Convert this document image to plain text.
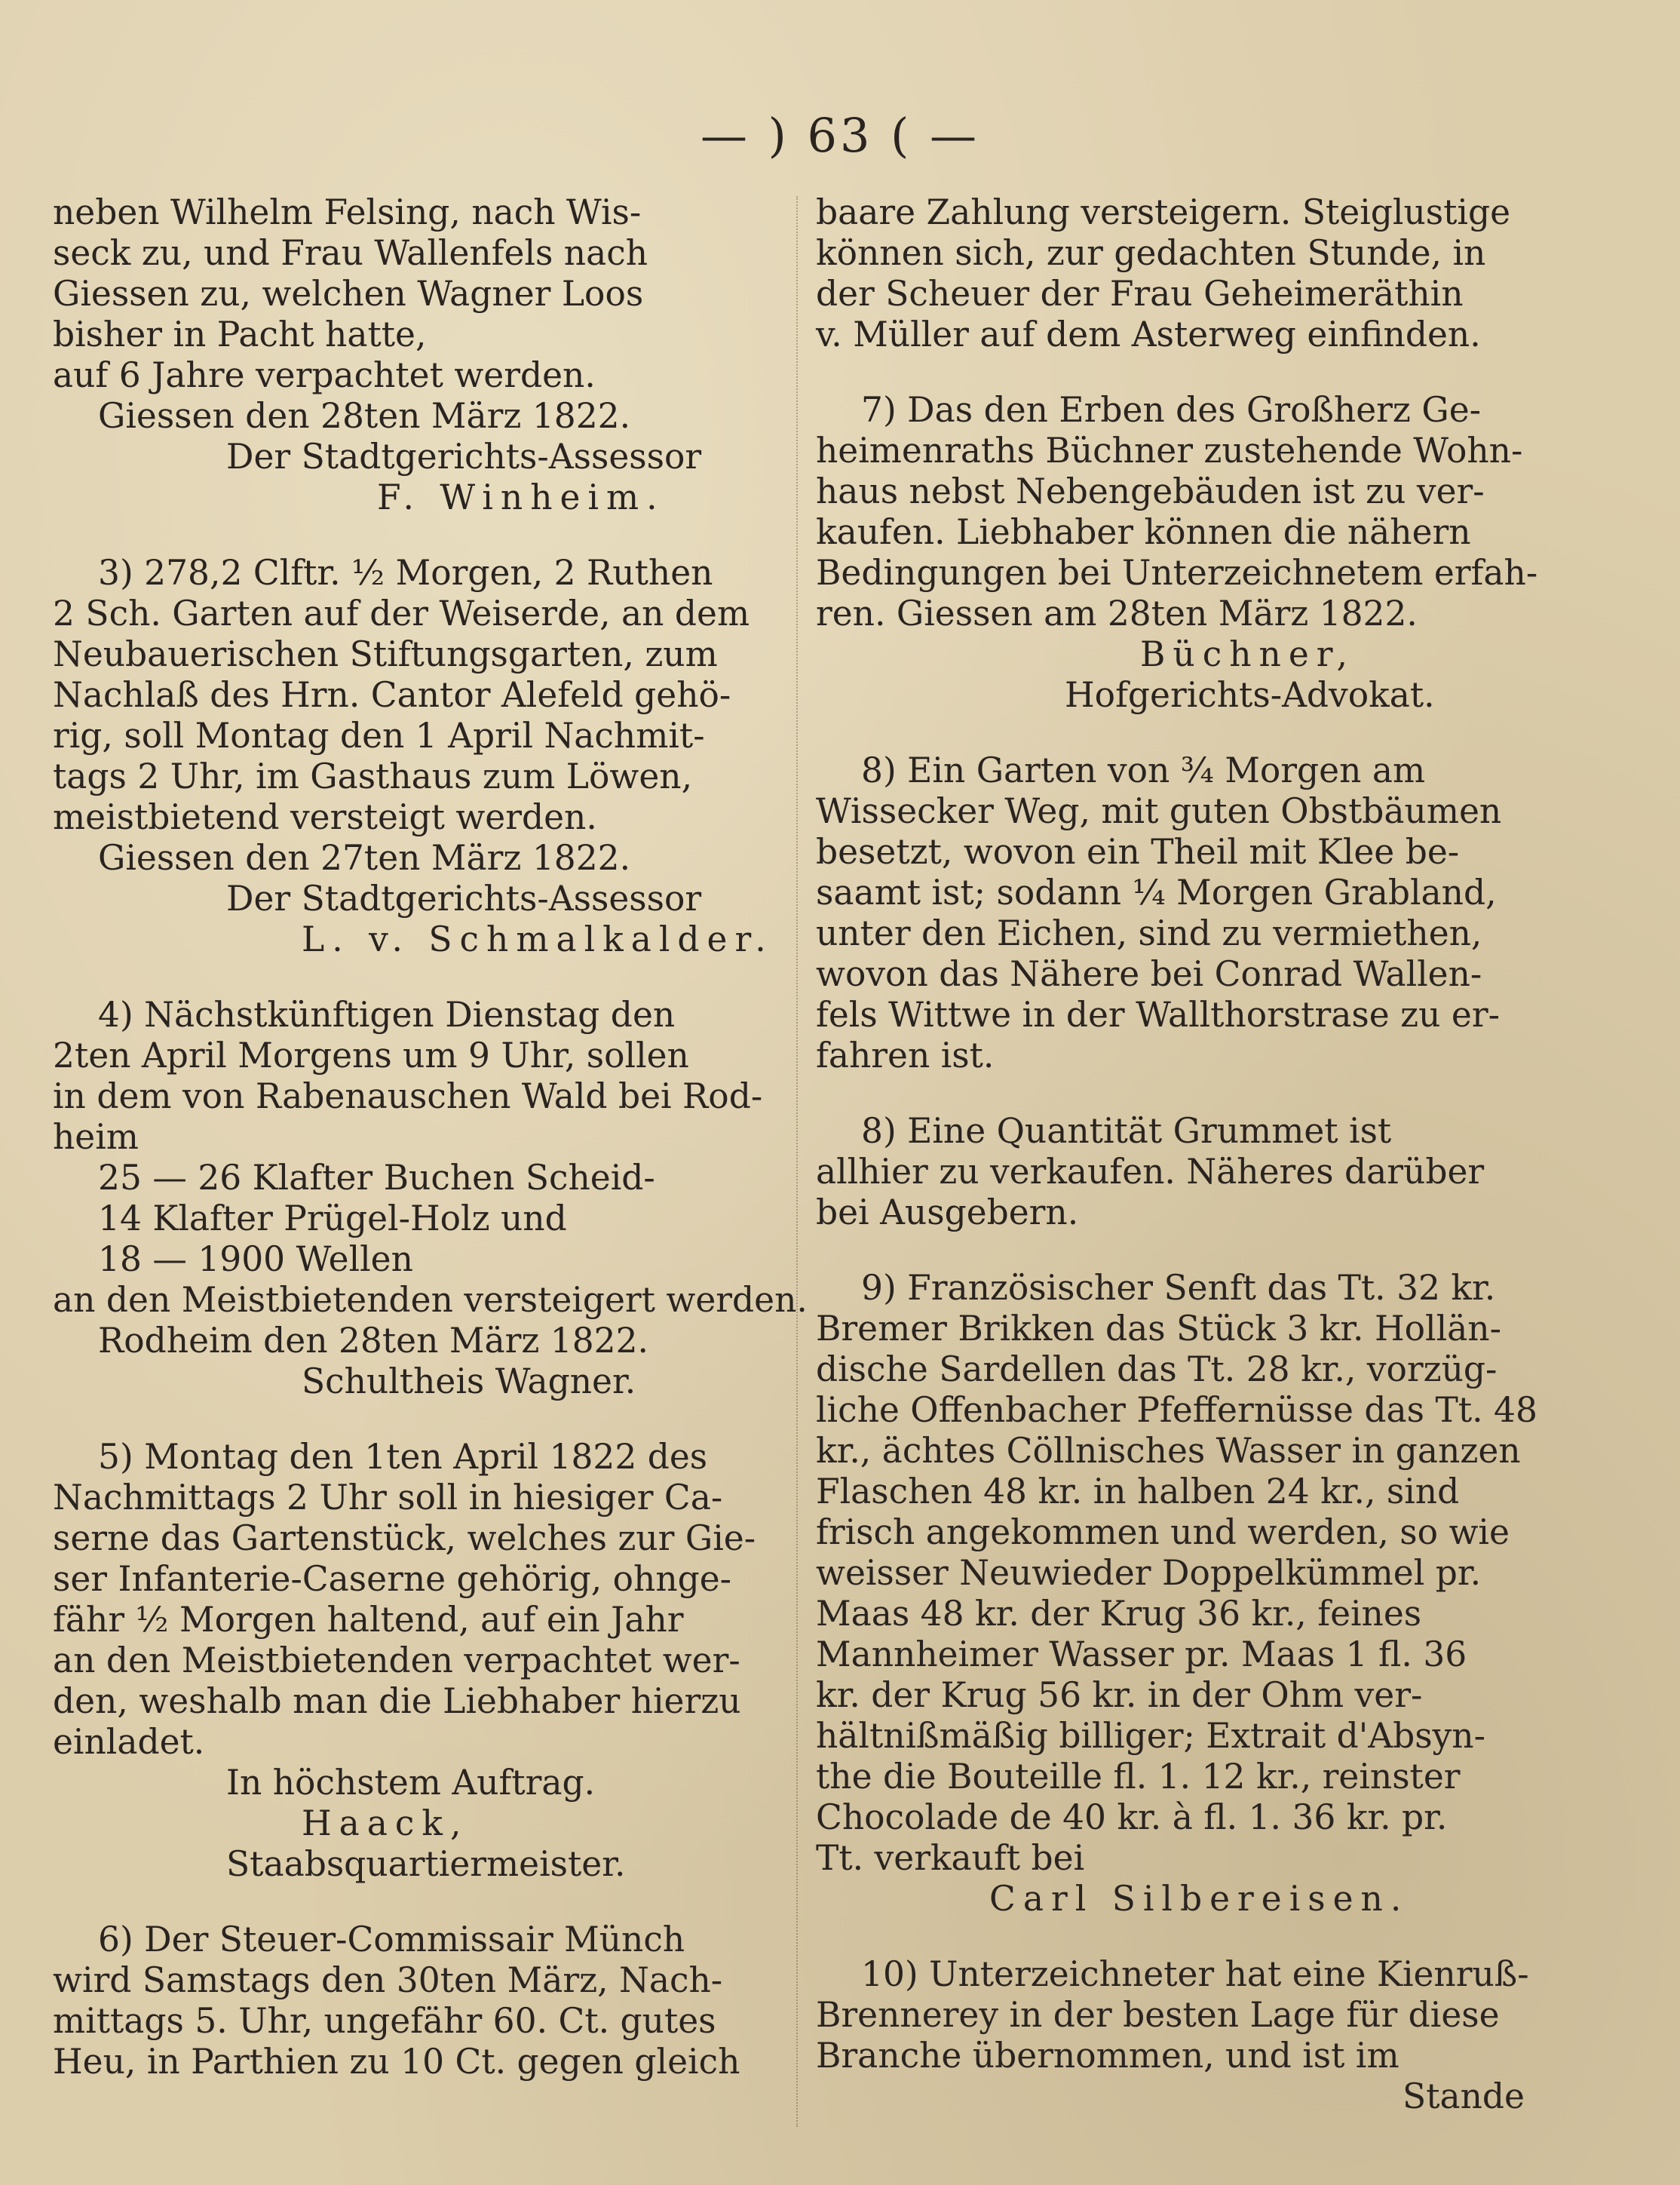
— ) 63 ( —
neben Wilhelm Felsing, nach Wis-
seck zu, und Frau Wallenfels nach
Giessen zu, welchen Wagner Loos
bisher in Pacht hatte,
auf 6 Jahre verpachtet werden.
Giessen den 28ten März 1822.
Der Stadtgerichts-Assessor
F. Winheim.
3) 278,2 Clftr. ½ Morgen, 2 Ruthen
2 Sch. Garten auf der Weiserde, an dem
Neubauerischen Stiftungsgarten, zum
Nachlaß des Hrn. Cantor Alefeld gehö-
rig, soll Montag den 1 April Nachmit-
tags 2 Uhr, im Gasthaus zum Löwen,
meistbietend versteigt werden.
Giessen den 27ten März 1822.
Der Stadtgerichts-Assessor
L. v. Schmalkalder.
4) Nächstkünftigen Dienstag den
2ten April Morgens um 9 Uhr, sollen
in dem von Rabenauschen Wald bei Rod-
heim
25 — 26 Klafter Buchen Scheid-
14 Klafter Prügel-Holz und
18 — 1900 Wellen
an den Meistbietenden versteigert werden.
Rodheim den 28ten März 1822.
Schultheis Wagner.
5) Montag den 1ten April 1822 des
Nachmittags 2 Uhr soll in hiesiger Ca-
serne das Gartenstück, welches zur Gie-
ser Infanterie-Caserne gehörig, ohnge-
fähr ½ Morgen haltend, auf ein Jahr
an den Meistbietenden verpachtet wer-
den, weshalb man die Liebhaber hierzu
einladet.
In höchstem Auftrag.
Haack,
Staabsquartiermeister.
6) Der Steuer-Commissair Münch
wird Samstags den 30ten März, Nach-
mittags 5. Uhr, ungefähr 60. Ct. gutes
Heu, in Parthien zu 10 Ct. gegen gleich
baare Zahlung versteigern. Steiglustige
können sich, zur gedachten Stunde, in
der Scheuer der Frau Geheimeräthin
v. Müller auf dem Asterweg einfinden.
7) Das den Erben des Großherz Ge-
heimenraths Büchner zustehende Wohn-
haus nebst Nebengebäuden ist zu ver-
kaufen. Liebhaber können die nähern
Bedingungen bei Unterzeichnetem erfah-
ren. Giessen am 28ten März 1822.
Büchner,
Hofgerichts-Advokat.
8) Ein Garten von ¾ Morgen am
Wissecker Weg, mit guten Obstbäumen
besetzt, wovon ein Theil mit Klee be-
saamt ist; sodann ¼ Morgen Grabland,
unter den Eichen, sind zu vermiethen,
wovon das Nähere bei Conrad Wallen-
fels Wittwe in der Wallthorstrase zu er-
fahren ist.
8) Eine Quantität Grummet ist
allhier zu verkaufen. Näheres darüber
bei Ausgebern.
9) Französischer Senft das Tt. 32 kr.
Bremer Brikken das Stück 3 kr. Hollän-
dische Sardellen das Tt. 28 kr., vorzüg-
liche Offenbacher Pfeffernüsse das Tt. 48
kr., ächtes Cöllnisches Wasser in ganzen
Flaschen 48 kr. in halben 24 kr., sind
frisch angekommen und werden, so wie
weisser Neuwieder Doppelkümmel pr.
Maas 48 kr. der Krug 36 kr., feines
Mannheimer Wasser pr. Maas 1 fl. 36
kr. der Krug 56 kr. in der Ohm ver-
hältnißmäßig billiger; Extrait d'Absyn-
the die Bouteille fl. 1. 12 kr., reinster
Chocolade de 40 kr. à fl. 1. 36 kr. pr.
Tt. verkauft bei
Carl Silbereisen.
10) Unterzeichneter hat eine Kienruß-
Brennerey in der besten Lage für diese
Branche übernommen, und ist im
Stande
